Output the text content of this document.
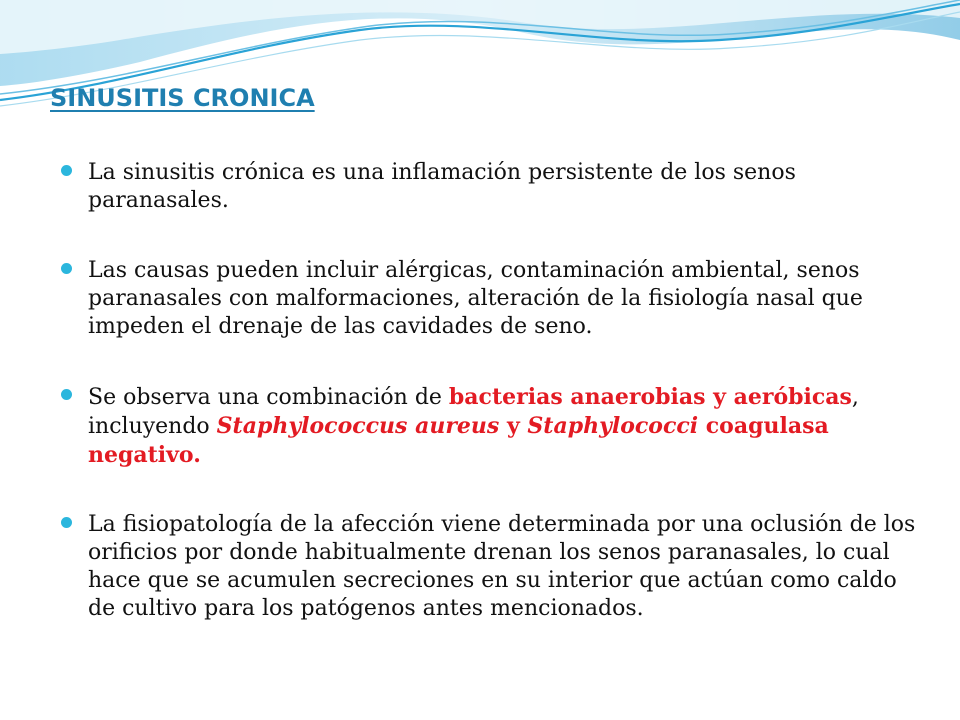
SINUSITIS CRONICA
La sinusitis crónica es una inflamación persistente de los senos paranasales.
Las causas pueden incluir alérgicas, contaminación ambiental, senos paranasales con malformaciones, alteración de la fisiología nasal que impeden el drenaje de las cavidades de seno.
Se observa una combinación de bacterias anaerobias y aeróbicas, incluyendo Staphylococcus aureus y Staphylococci coagulasa negativo.
La fisiopatología de la afección viene determinada por una oclusión de los orificios por donde habitualmente drenan los senos paranasales, lo cual hace que se acumulen secreciones en su interior que actúan como caldo de cultivo para los patógenos antes mencionados.
